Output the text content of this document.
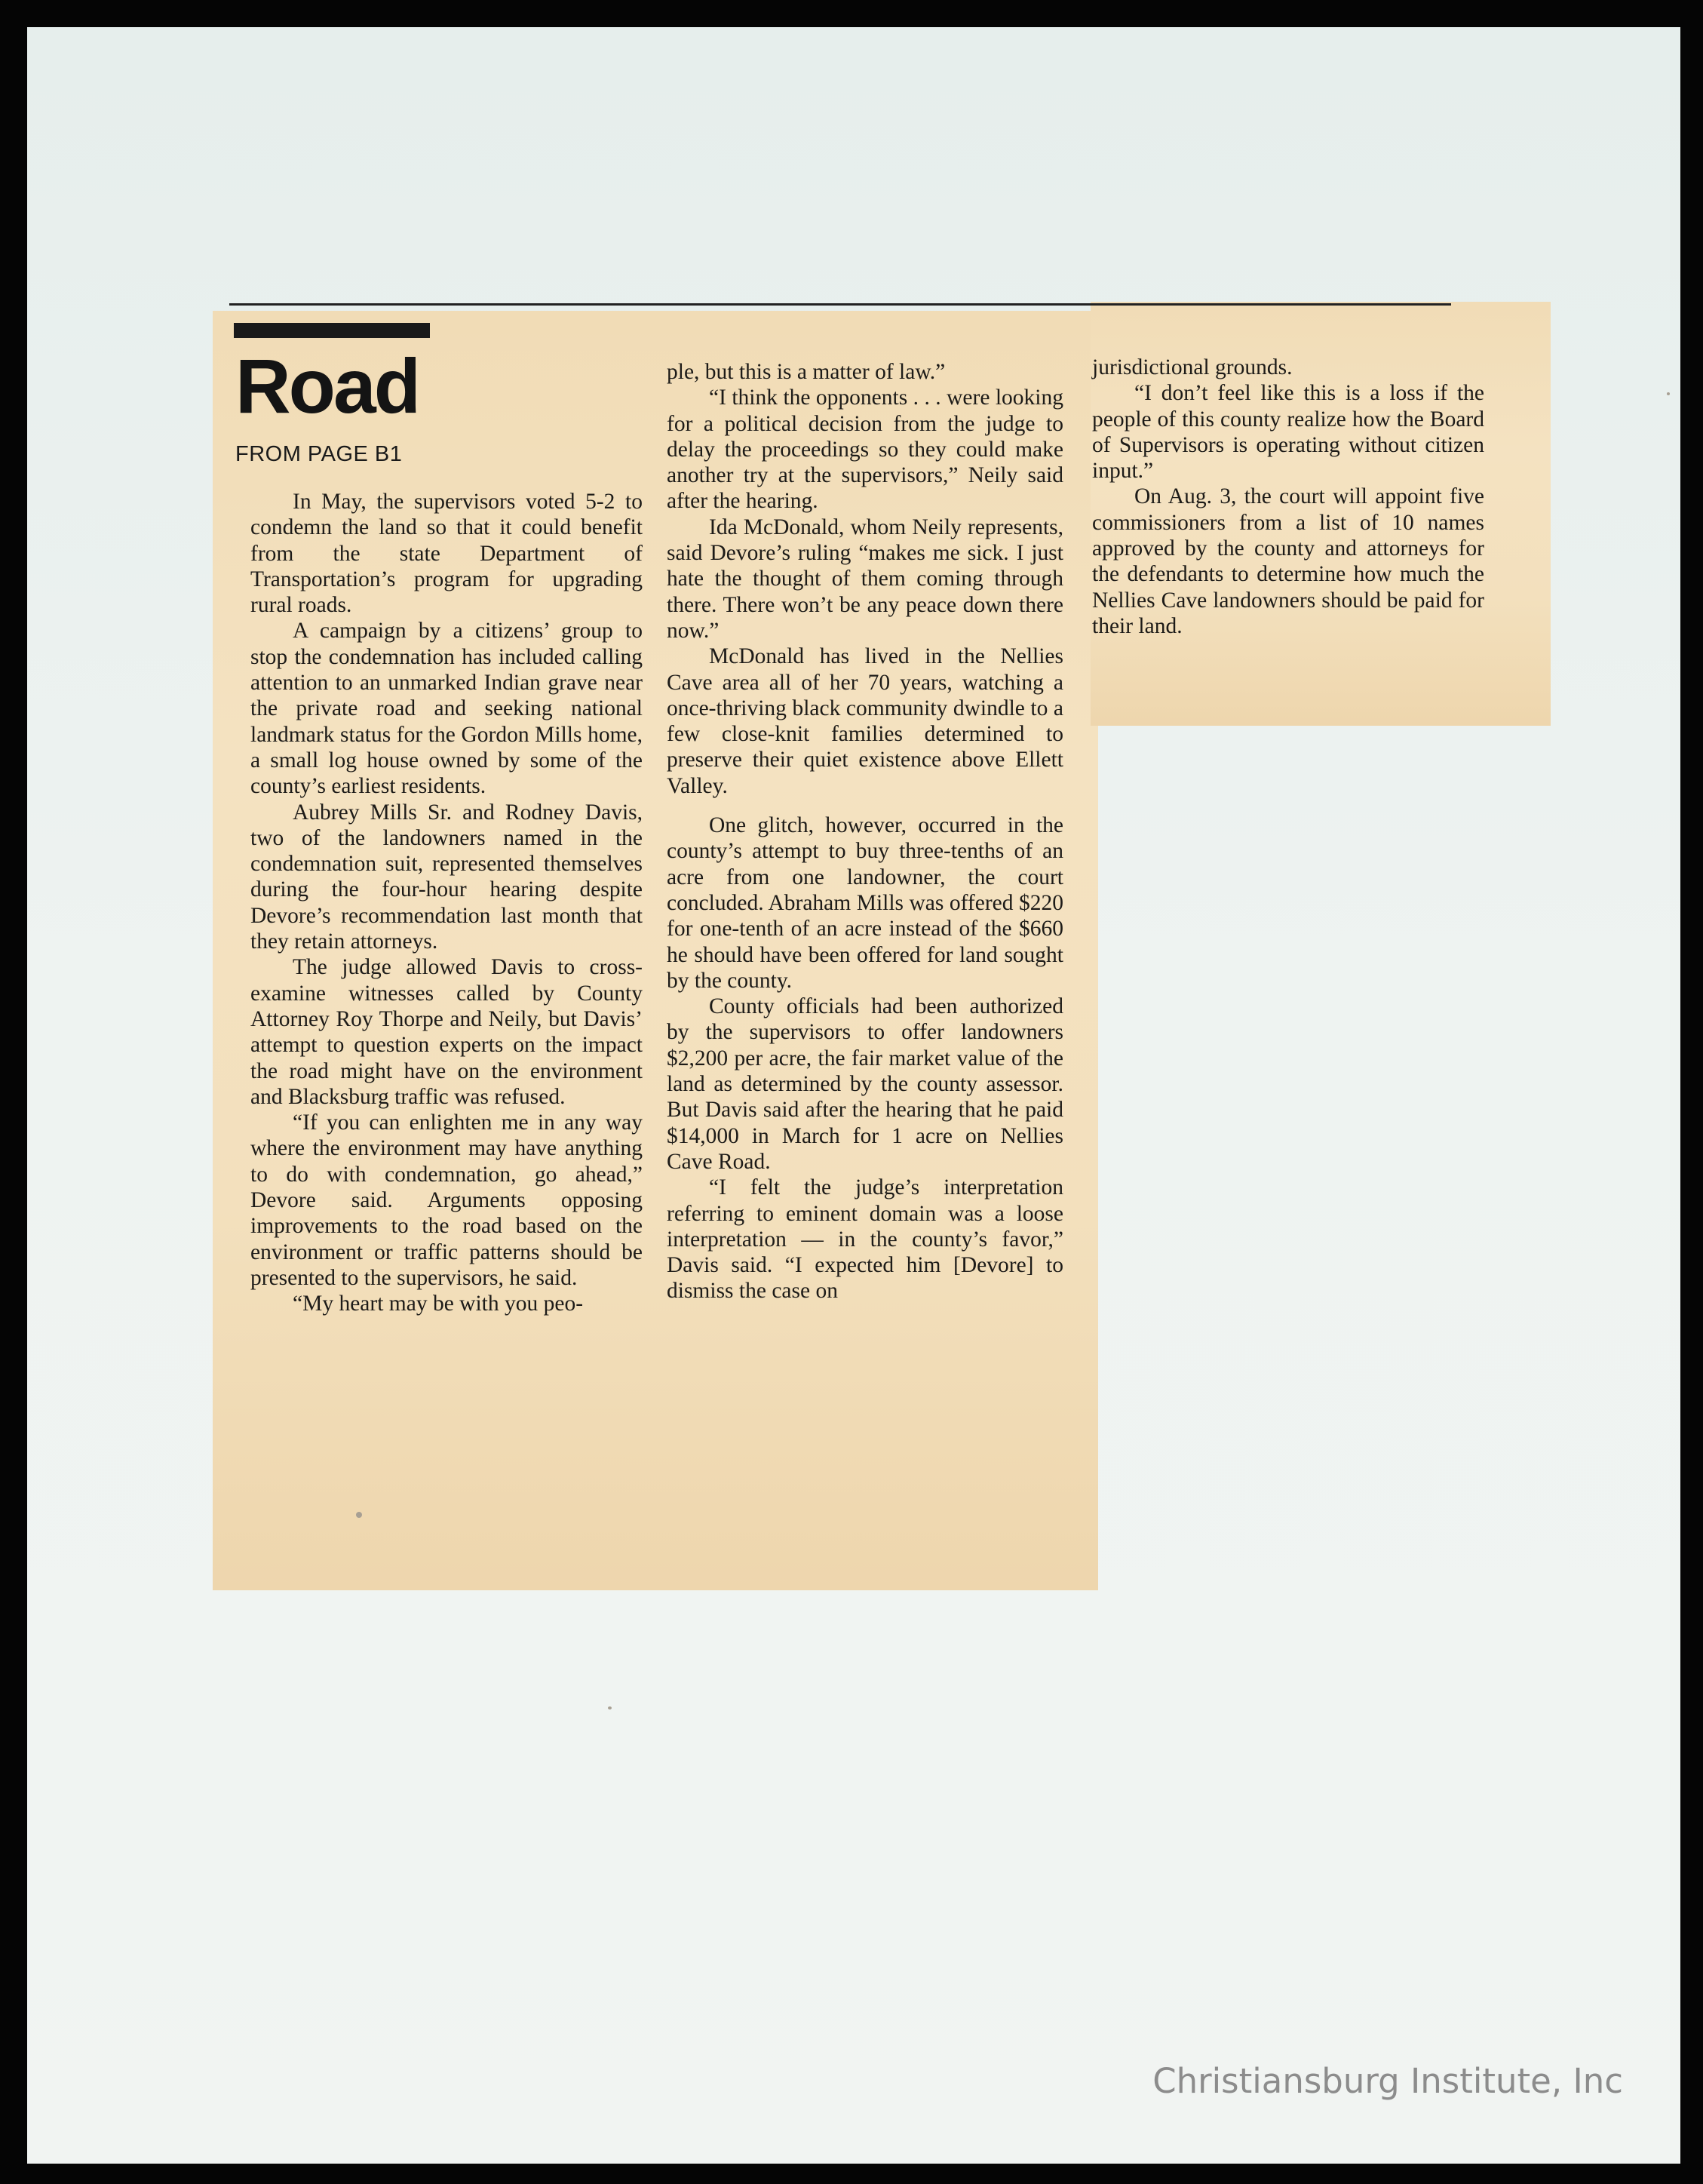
Road
FROM PAGE B1

In May, the supervisors voted 5-2 to condemn the land so that it could benefit from the state Department of Transportation’s program for upgrading rural roads.

A campaign by a citizens’ group to stop the condemnation has included calling attention to an unmarked Indian grave near the private road and seeking national landmark status for the Gordon Mills home, a small log house owned by some of the county’s earliest residents.

Aubrey Mills Sr. and Rodney Davis, two of the landowners named in the condemnation suit, represented themselves during the four-hour hearing despite Devore’s recommendation last month that they retain attorneys.

The judge allowed Davis to cross-examine witnesses called by County Attorney Roy Thorpe and Neily, but Davis’ attempt to question experts on the impact the road might have on the environment and Blacksburg traffic was refused.

“If you can enlighten me in any way where the environment may have anything to do with condemnation, go ahead,” Devore said. Arguments opposing improvements to the road based on the environment or traffic patterns should be presented to the supervisors, he said.

“My heart may be with you peo-

ple, but this is a matter of law.”

“I think the opponents . . . were looking for a political decision from the judge to delay the proceedings so they could make another try at the supervisors,” Neily said after the hearing.

Ida McDonald, whom Neily represents, said Devore’s ruling “makes me sick. I just hate the thought of them coming through there. There won’t be any peace down there now.”

McDonald has lived in the Nellies Cave area all of her 70 years, watching a once-thriving black community dwindle to a few close-knit families determined to preserve their quiet existence above Ellett Valley.

One glitch, however, occurred in the county’s attempt to buy three-tenths of an acre from one landowner, the court concluded. Abraham Mills was offered $220 for one-tenth of an acre instead of the $660 he should have been offered for land sought by the county.

County officials had been authorized by the supervisors to offer landowners $2,200 per acre, the fair market value of the land as determined by the county assessor. But Davis said after the hearing that he paid $14,000 in March for 1 acre on Nellies Cave Road.

“I felt the judge’s interpretation referring to eminent domain was a loose interpretation — in the county’s favor,” Davis said. “I expected him [Devore] to dismiss the case on

jurisdictional grounds.

“I don’t feel like this is a loss if the people of this county realize how the Board of Supervisors is operating without citizen input.”

On Aug. 3, the court will appoint five commissioners from a list of 10 names approved by the county and attorneys for the defendants to determine how much the Nellies Cave landowners should be paid for their land.

Christiansburg Institute, Inc
